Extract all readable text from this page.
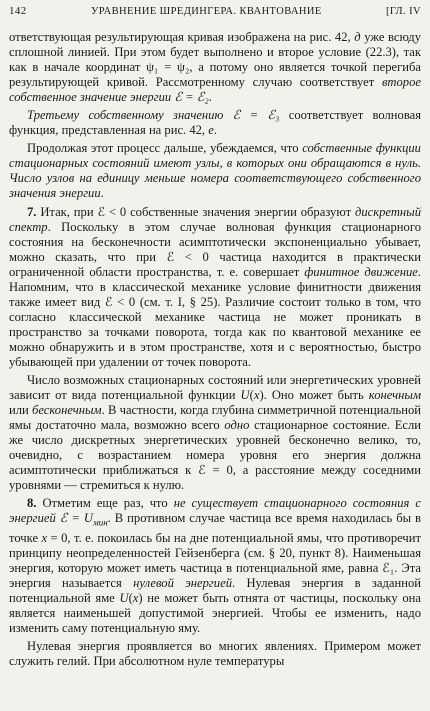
142	УРАВНЕНИЕ ШРЕДИНГЕРА. КВАНТОВАНИЕ	[ГЛ. IV

ответствующая результирующая кривая изображена на рис. 42, д уже всюду сплошной линией. При этом будет выполнено и второе условие (22.3), так как в начале координат ψ₁ = ψ₂, а потому оно является точкой перегиба результирующей кривой. Рассмотренному случаю соответствует второе собственное значение энергии ℰ = ℰ₂.

Третьему собственному значению ℰ = ℰ₃ соответствует волновая функция, представленная на рис. 42, е.

Продолжая этот процесс дальше, убеждаемся, что собственные функции стационарных состояний имеют узлы, в которых они обращаются в нуль. Число узлов на единицу меньше номера соответствующего собственного значения энергии.

7. Итак, при ℰ < 0 собственные значения энергии образуют дискретный спектр. Поскольку в этом случае волновая функция стационарного состояния на бесконечности асимптотически экспоненциально убывает, можно сказать, что при ℰ < 0 частица находится в практически ограниченной области пространства, т. е. совершает финитное движение. Напомним, что в классической механике условие финитности движения также имеет вид ℰ < 0 (см. т. I, § 25). Различие состоит только в том, что согласно классической механике частица не может проникать в пространство за точками поворота, тогда как по квантовой механике ее можно обнаружить и в этом пространстве, хотя и с вероятностью, быстро убывающей при удалении от точек поворота.

Число возможных стационарных состояний или энергетических уровней зависит от вида потенциальной функции U(x). Оно может быть конечным или бесконечным. В частности, когда глубина симметричной потенциальной ямы достаточно мала, возможно всего одно стационарное состояние. Если же число дискретных энергетических уровней бесконечно велико, то, очевидно, с возрастанием номера уровня его энергия должна асимптотически приближаться к ℰ = 0, а расстояние между соседними уровнями — стремиться к нулю.

8. Отметим еще раз, что не существует стационарного состояния с энергией ℰ = $U_{мин}$. В противном случае частица все время находилась бы в точке x = 0, т. е. покоилась бы на дне потенциальной ямы, что противоречит принципу неопределенностей Гейзенберга (см. § 20, пункт 8). Наименьшая энергия, которую может иметь частица в потенциальной яме, равна ℰ₁. Эта энергия называется нулевой энергией. Нулевая энергия в заданной потенциальной яме U(x) не может быть отнята от частицы, поскольку она является наименьшей допустимой энергией. Чтобы ее изменить, надо изменить саму потенциальную яму.

Нулевая энергия проявляется во многих явлениях. Примером может служить гелий. При абсолютном нуле температуры
